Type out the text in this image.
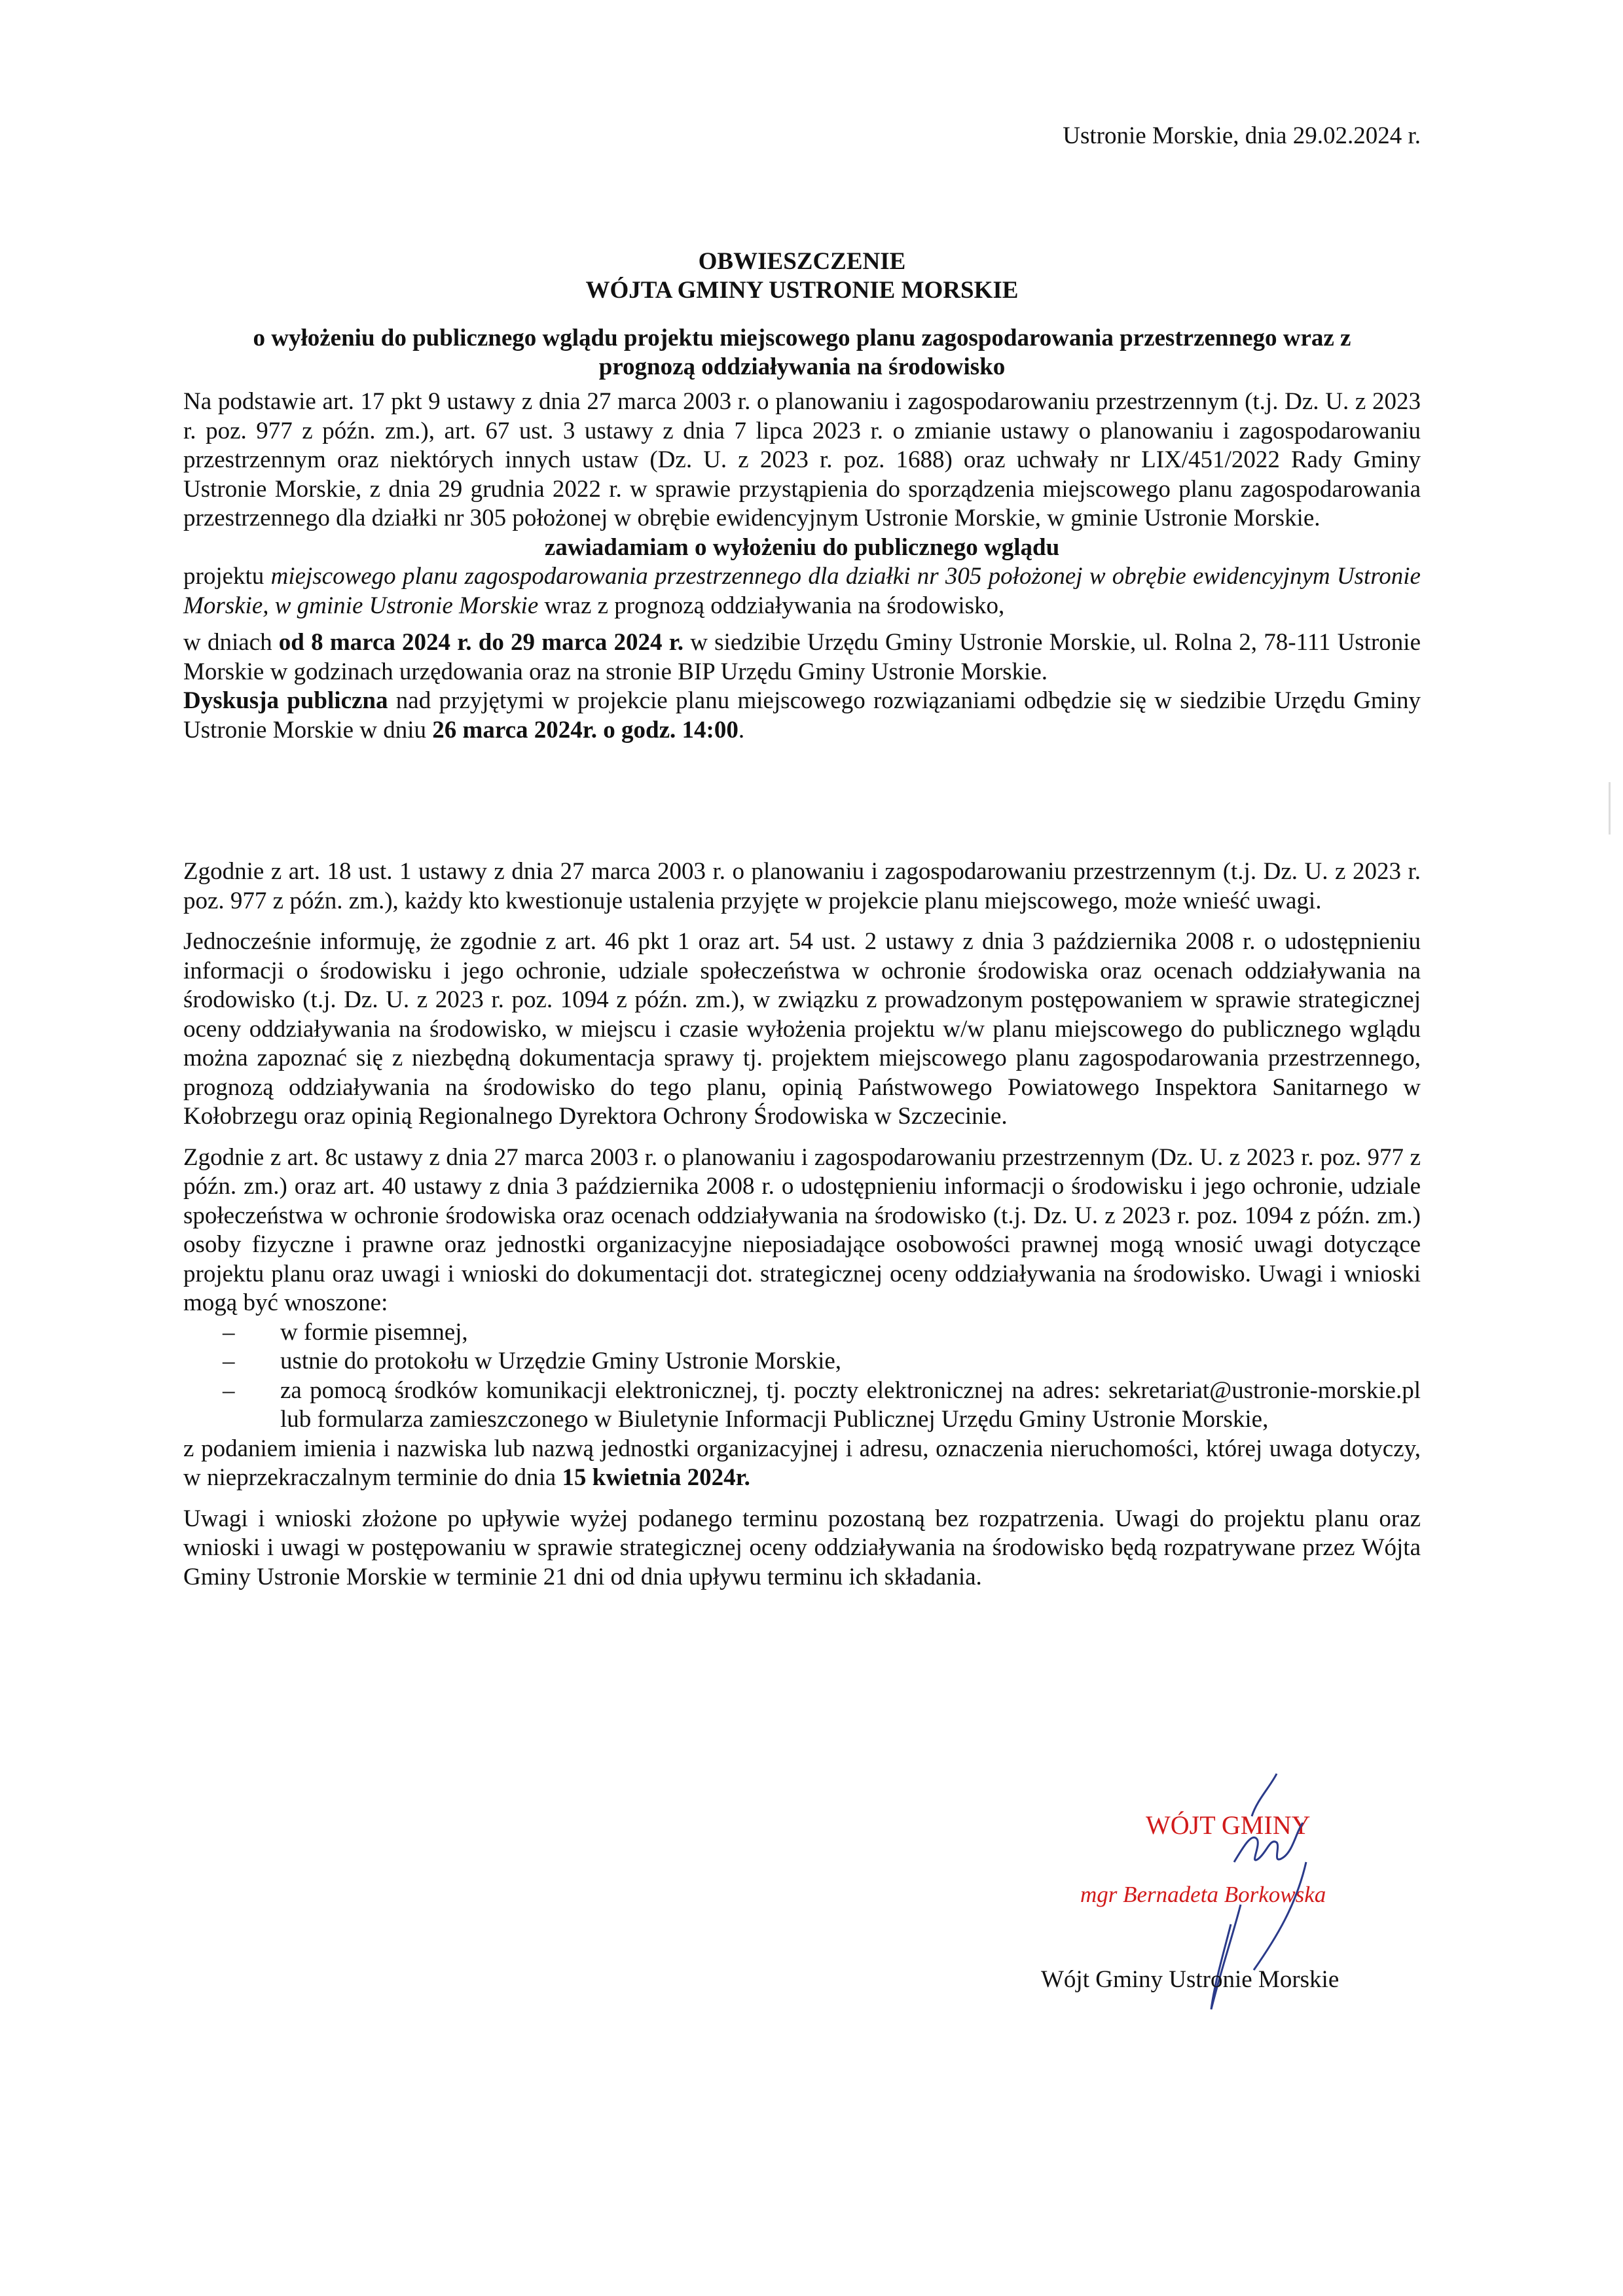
Ustronie Morskie, dnia 29.02.2024 r.
OBWIESZCZENIE
WÓJTA GMINY USTRONIE MORSKIE
o wyłożeniu do publicznego wglądu projektu miejscowego planu zagospodarowania przestrzennego wraz z
prognozą oddziaływania na środowisko

Na podstawie art. 17 pkt 9 ustawy z dnia 27 marca 2003 r. o planowaniu i zagospodarowaniu przestrzennym (t.j. Dz. U. z 2023 r. poz. 977 z późn. zm.), art. 67 ust. 3 ustawy z dnia 7 lipca 2023 r. o zmianie ustawy o planowaniu i zagospodarowaniu przestrzennym oraz niektórych innych ustaw (Dz. U. z 2023 r. poz. 1688) oraz uchwały nr LIX/451/2022 Rady Gminy Ustronie Morskie, z dnia 29 grudnia 2022 r. w sprawie przystąpienia do sporządzenia miejscowego planu zagospodarowania przestrzennego dla działki nr 305 położonej w obrębie ewidencyjnym Ustronie Morskie, w gminie Ustronie Morskie.

zawiadamiam o wyłożeniu do publicznego wglądu

projektu miejscowego planu zagospodarowania przestrzennego dla działki nr 305 położonej w obrębie ewidencyjnym Ustronie Morskie, w gminie Ustronie Morskie wraz z prognozą oddziaływania na środowisko,

w dniach od 8 marca 2024 r. do 29 marca 2024 r. w siedzibie Urzędu Gminy Ustronie Morskie, ul. Rolna 2, 78-111 Ustronie Morskie w godzinach urzędowania oraz na stronie BIP Urzędu Gminy Ustronie Morskie.

Dyskusja publiczna nad przyjętymi w projekcie planu miejscowego rozwiązaniami odbędzie się w siedzibie Urzędu Gminy Ustronie Morskie w dniu 26 marca 2024r. o godz. 14:00.

Zgodnie z art. 18 ust. 1 ustawy z dnia 27 marca 2003 r. o planowaniu i zagospodarowaniu przestrzennym (t.j. Dz. U. z 2023 r. poz. 977 z późn. zm.), każdy kto kwestionuje ustalenia przyjęte w projekcie planu miejscowego, może wnieść uwagi.

Jednocześnie informuję, że zgodnie z art. 46 pkt 1 oraz art. 54 ust. 2 ustawy z dnia 3 października 2008 r. o udostępnieniu informacji o środowisku i jego ochronie, udziale społeczeństwa w ochronie środowiska oraz ocenach oddziaływania na środowisko (t.j. Dz. U. z 2023 r. poz. 1094 z późn. zm.), w związku z prowadzonym postępowaniem w sprawie strategicznej oceny oddziaływania na środowisko, w miejscu i czasie wyłożenia projektu w/w planu miejscowego do publicznego wglądu można zapoznać się z niezbędną dokumentacja sprawy tj. projektem miejscowego planu zagospodarowania przestrzennego, prognozą oddziaływania na środowisko do tego planu, opinią Państwowego Powiatowego Inspektora Sanitarnego w Kołobrzegu oraz opinią Regionalnego Dyrektora Ochrony Środowiska w Szczecinie.

Zgodnie z art. 8c ustawy z dnia 27 marca 2003 r. o planowaniu i zagospodarowaniu przestrzennym (Dz. U. z 2023 r. poz. 977 z późn. zm.) oraz art. 40 ustawy z dnia 3 października 2008 r. o udostępnieniu informacji o środowisku i jego ochronie, udziale społeczeństwa w ochronie środowiska oraz ocenach oddziaływania na środowisko (t.j. Dz. U. z 2023 r. poz. 1094 z późn. zm.) osoby fizyczne i prawne oraz jednostki organizacyjne nieposiadające osobowości prawnej mogą wnosić uwagi dotyczące projektu planu oraz uwagi i wnioski do dokumentacji dot. strategicznej oceny oddziaływania na środowisko. Uwagi i wnioski mogą być wnoszone:

– w formie pisemnej,
– ustnie do protokołu w Urzędzie Gminy Ustronie Morskie,
– za pomocą środków komunikacji elektronicznej, tj. poczty elektronicznej na adres: sekretariat@ustronie-morskie.pl lub formularza zamieszczonego w Biuletynie Informacji Publicznej Urzędu Gminy Ustronie Morskie,

z podaniem imienia i nazwiska lub nazwą jednostki organizacyjnej i adresu, oznaczenia nieruchomości, której uwaga dotyczy, w nieprzekraczalnym terminie do dnia 15 kwietnia 2024r.

Uwagi i wnioski złożone po upływie wyżej podanego terminu pozostaną bez rozpatrzenia. Uwagi do projektu planu oraz wnioski i uwagi w postępowaniu w sprawie strategicznej oceny oddziaływania na środowisko będą rozpatrywane przez Wójta Gminy Ustronie Morskie w terminie 21 dni od dnia upływu terminu ich składania.

WÓJT GMINY
mgr Bernadeta Borkowska
Wójt Gminy Ustronie Morskie
